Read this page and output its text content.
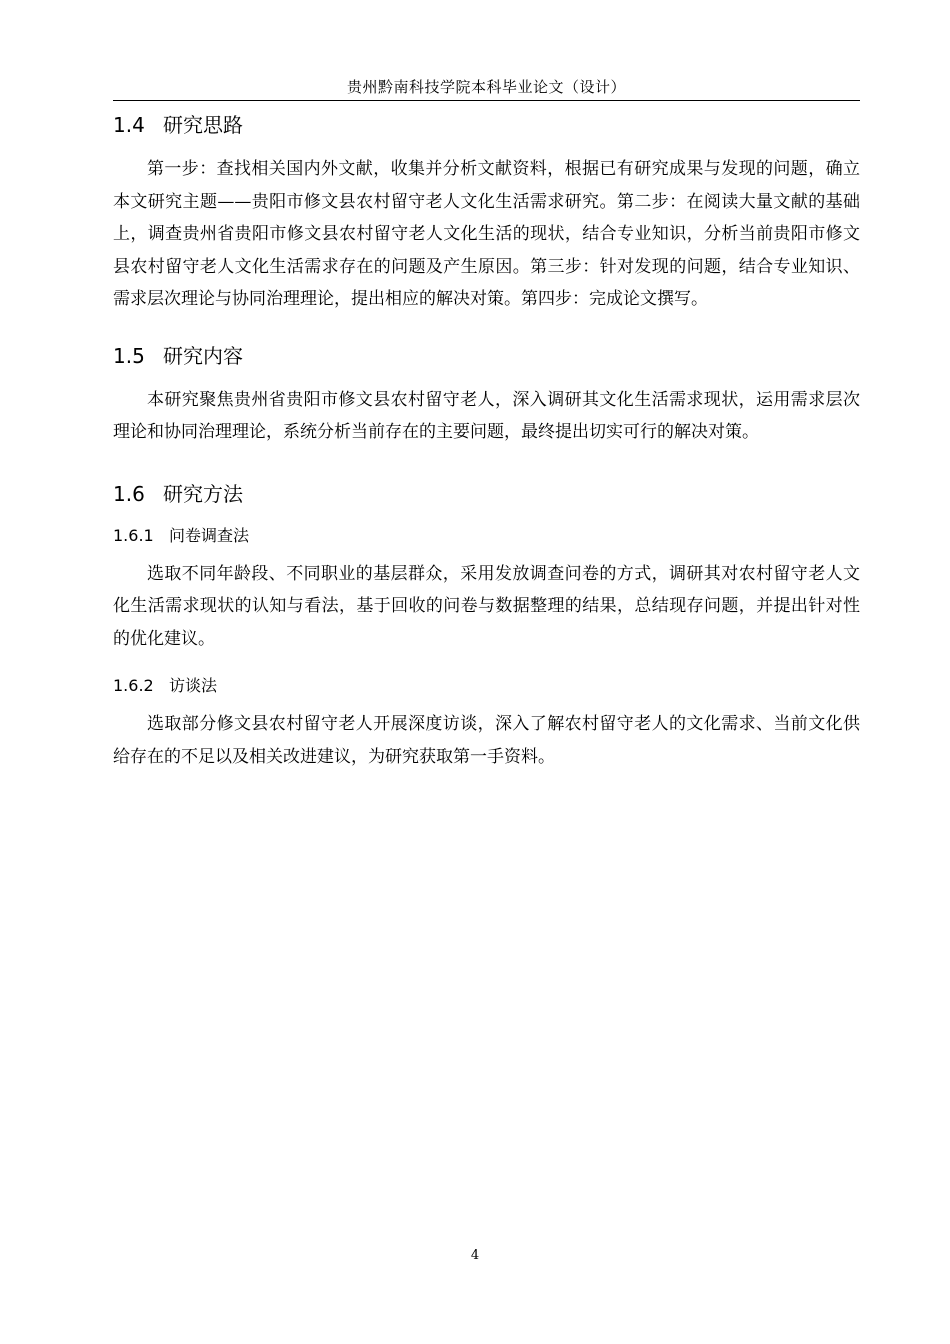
贵州黔南科技学院本科毕业论文（设计）
1.4 研究思路

第一步：查找相关国内外文献，收集并分析文献资料，根据已有研究成果与发现的问题，确立本文研究主题——贵阳市修文县农村留守老人文化生活需求研究。第二步：在阅读大量文献的基础上，调查贵州省贵阳市修文县农村留守老人文化生活的现状，结合专业知识，分析当前贵阳市修文县农村留守老人文化生活需求存在的问题及产生原因。第三步：针对发现的问题，结合专业知识、需求层次理论与协同治理理论，提出相应的解决对策。第四步：完成论文撰写。

1.5 研究内容

本研究聚焦贵州省贵阳市修文县农村留守老人，深入调研其文化生活需求现状，运用需求层次理论和协同治理理论，系统分析当前存在的主要问题，最终提出切实可行的解决对策。

1.6 研究方法
1.6.1 问卷调查法

选取不同年龄段、不同职业的基层群众，采用发放调查问卷的方式，调研其对农村留守老人文化生活需求现状的认知与看法，基于回收的问卷与数据整理的结果，总结现存问题，并提出针对性的优化建议。

1.6.2 访谈法

选取部分修文县农村留守老人开展深度访谈，深入了解农村留守老人的文化需求、当前文化供给存在的不足以及相关改进建议，为研究获取第一手资料。

4
